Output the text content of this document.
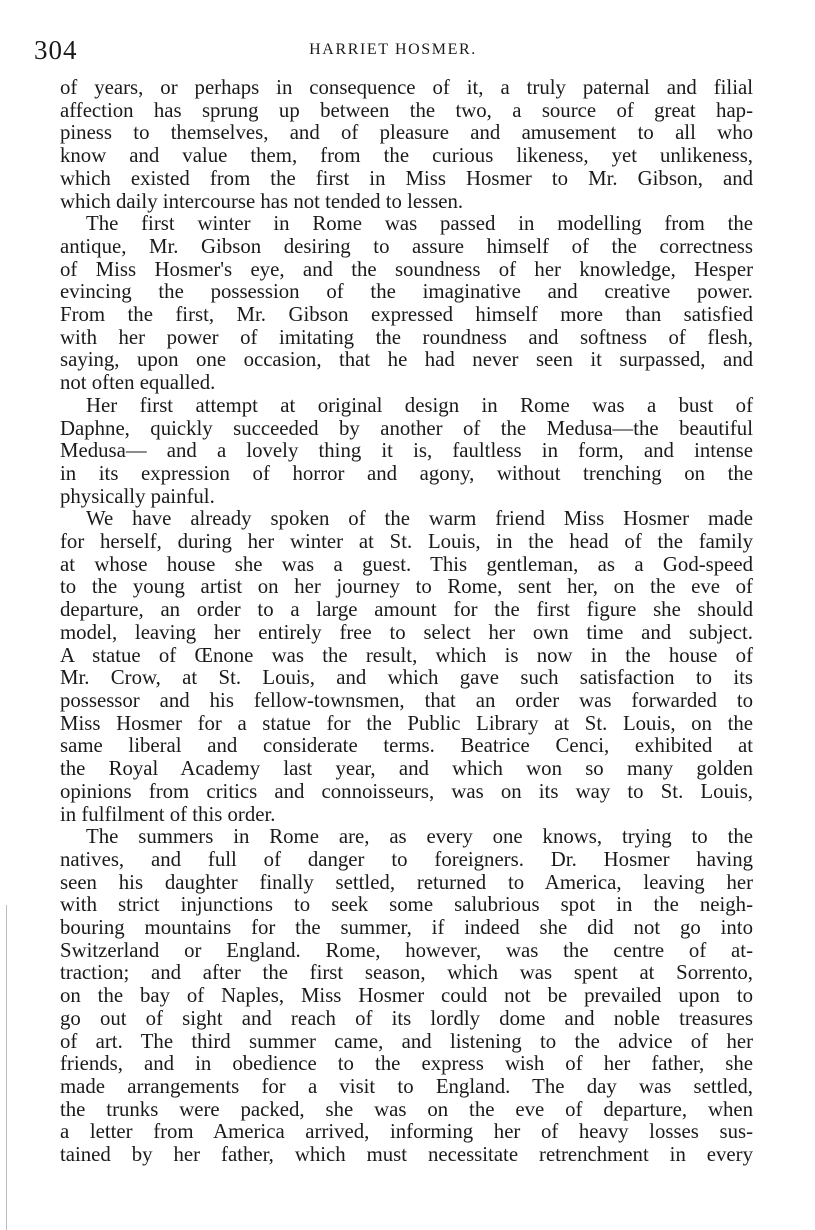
304	HARRIET HOSMER.

of years, or perhaps in consequence of it, a truly paternal and filial

affection has sprung up between the two, a source of great hap-

piness to themselves, and of pleasure and amusement to all who

know and value them, from the curious likeness, yet unlikeness,

which existed from the first in Miss Hosmer to Mr. Gibson, and

which daily intercourse has not tended to lessen.

The first winter in Rome was passed in modelling from the

antique, Mr. Gibson desiring to assure himself of the correctness

of Miss Hosmer's eye, and the soundness of her knowledge, Hesper

evincing the possession of the imaginative and creative power.

From the first, Mr. Gibson expressed himself more than satisfied

with her power of imitating the roundness and softness of flesh,

saying, upon one occasion, that he had never seen it surpassed, and

not often equalled.

Her first attempt at original design in Rome was a bust of

Daphne, quickly succeeded by another of the Medusa—the beautiful

Medusa— and a lovely thing it is, faultless in form, and intense

in its expression of horror and agony, without trenching on the

physically painful.

We have already spoken of the warm friend Miss Hosmer made

for herself, during her winter at St. Louis, in the head of the family

at whose house she was a guest. This gentleman, as a God-speed

to the young artist on her journey to Rome, sent her, on the eve of

departure, an order to a large amount for the first figure she should

model, leaving her entirely free to select her own time and subject.

A statue of Œnone was the result, which is now in the house of

Mr. Crow, at St. Louis, and which gave such satisfaction to its

possessor and his fellow-townsmen, that an order was forwarded to

Miss Hosmer for a statue for the Public Library at St. Louis, on the

same liberal and considerate terms. Beatrice Cenci, exhibited at

the Royal Academy last year, and which won so many golden

opinions from critics and connoisseurs, was on its way to St. Louis,

in fulfilment of this order.

The summers in Rome are, as every one knows, trying to the

natives, and full of danger to foreigners. Dr. Hosmer having

seen his daughter finally settled, returned to America, leaving her

with strict injunctions to seek some salubrious spot in the neigh-

bouring mountains for the summer, if indeed she did not go into

Switzerland or England. Rome, however, was the centre of at-

traction; and after the first season, which was spent at Sorrento,

on the bay of Naples, Miss Hosmer could not be prevailed upon to

go out of sight and reach of its lordly dome and noble treasures

of art. The third summer came, and listening to the advice of her

friends, and in obedience to the express wish of her father, she

made arrangements for a visit to England. The day was settled,

the trunks were packed, she was on the eve of departure, when

a letter from America arrived, informing her of heavy losses sus-

tained by her father, which must necessitate retrenchment in every
